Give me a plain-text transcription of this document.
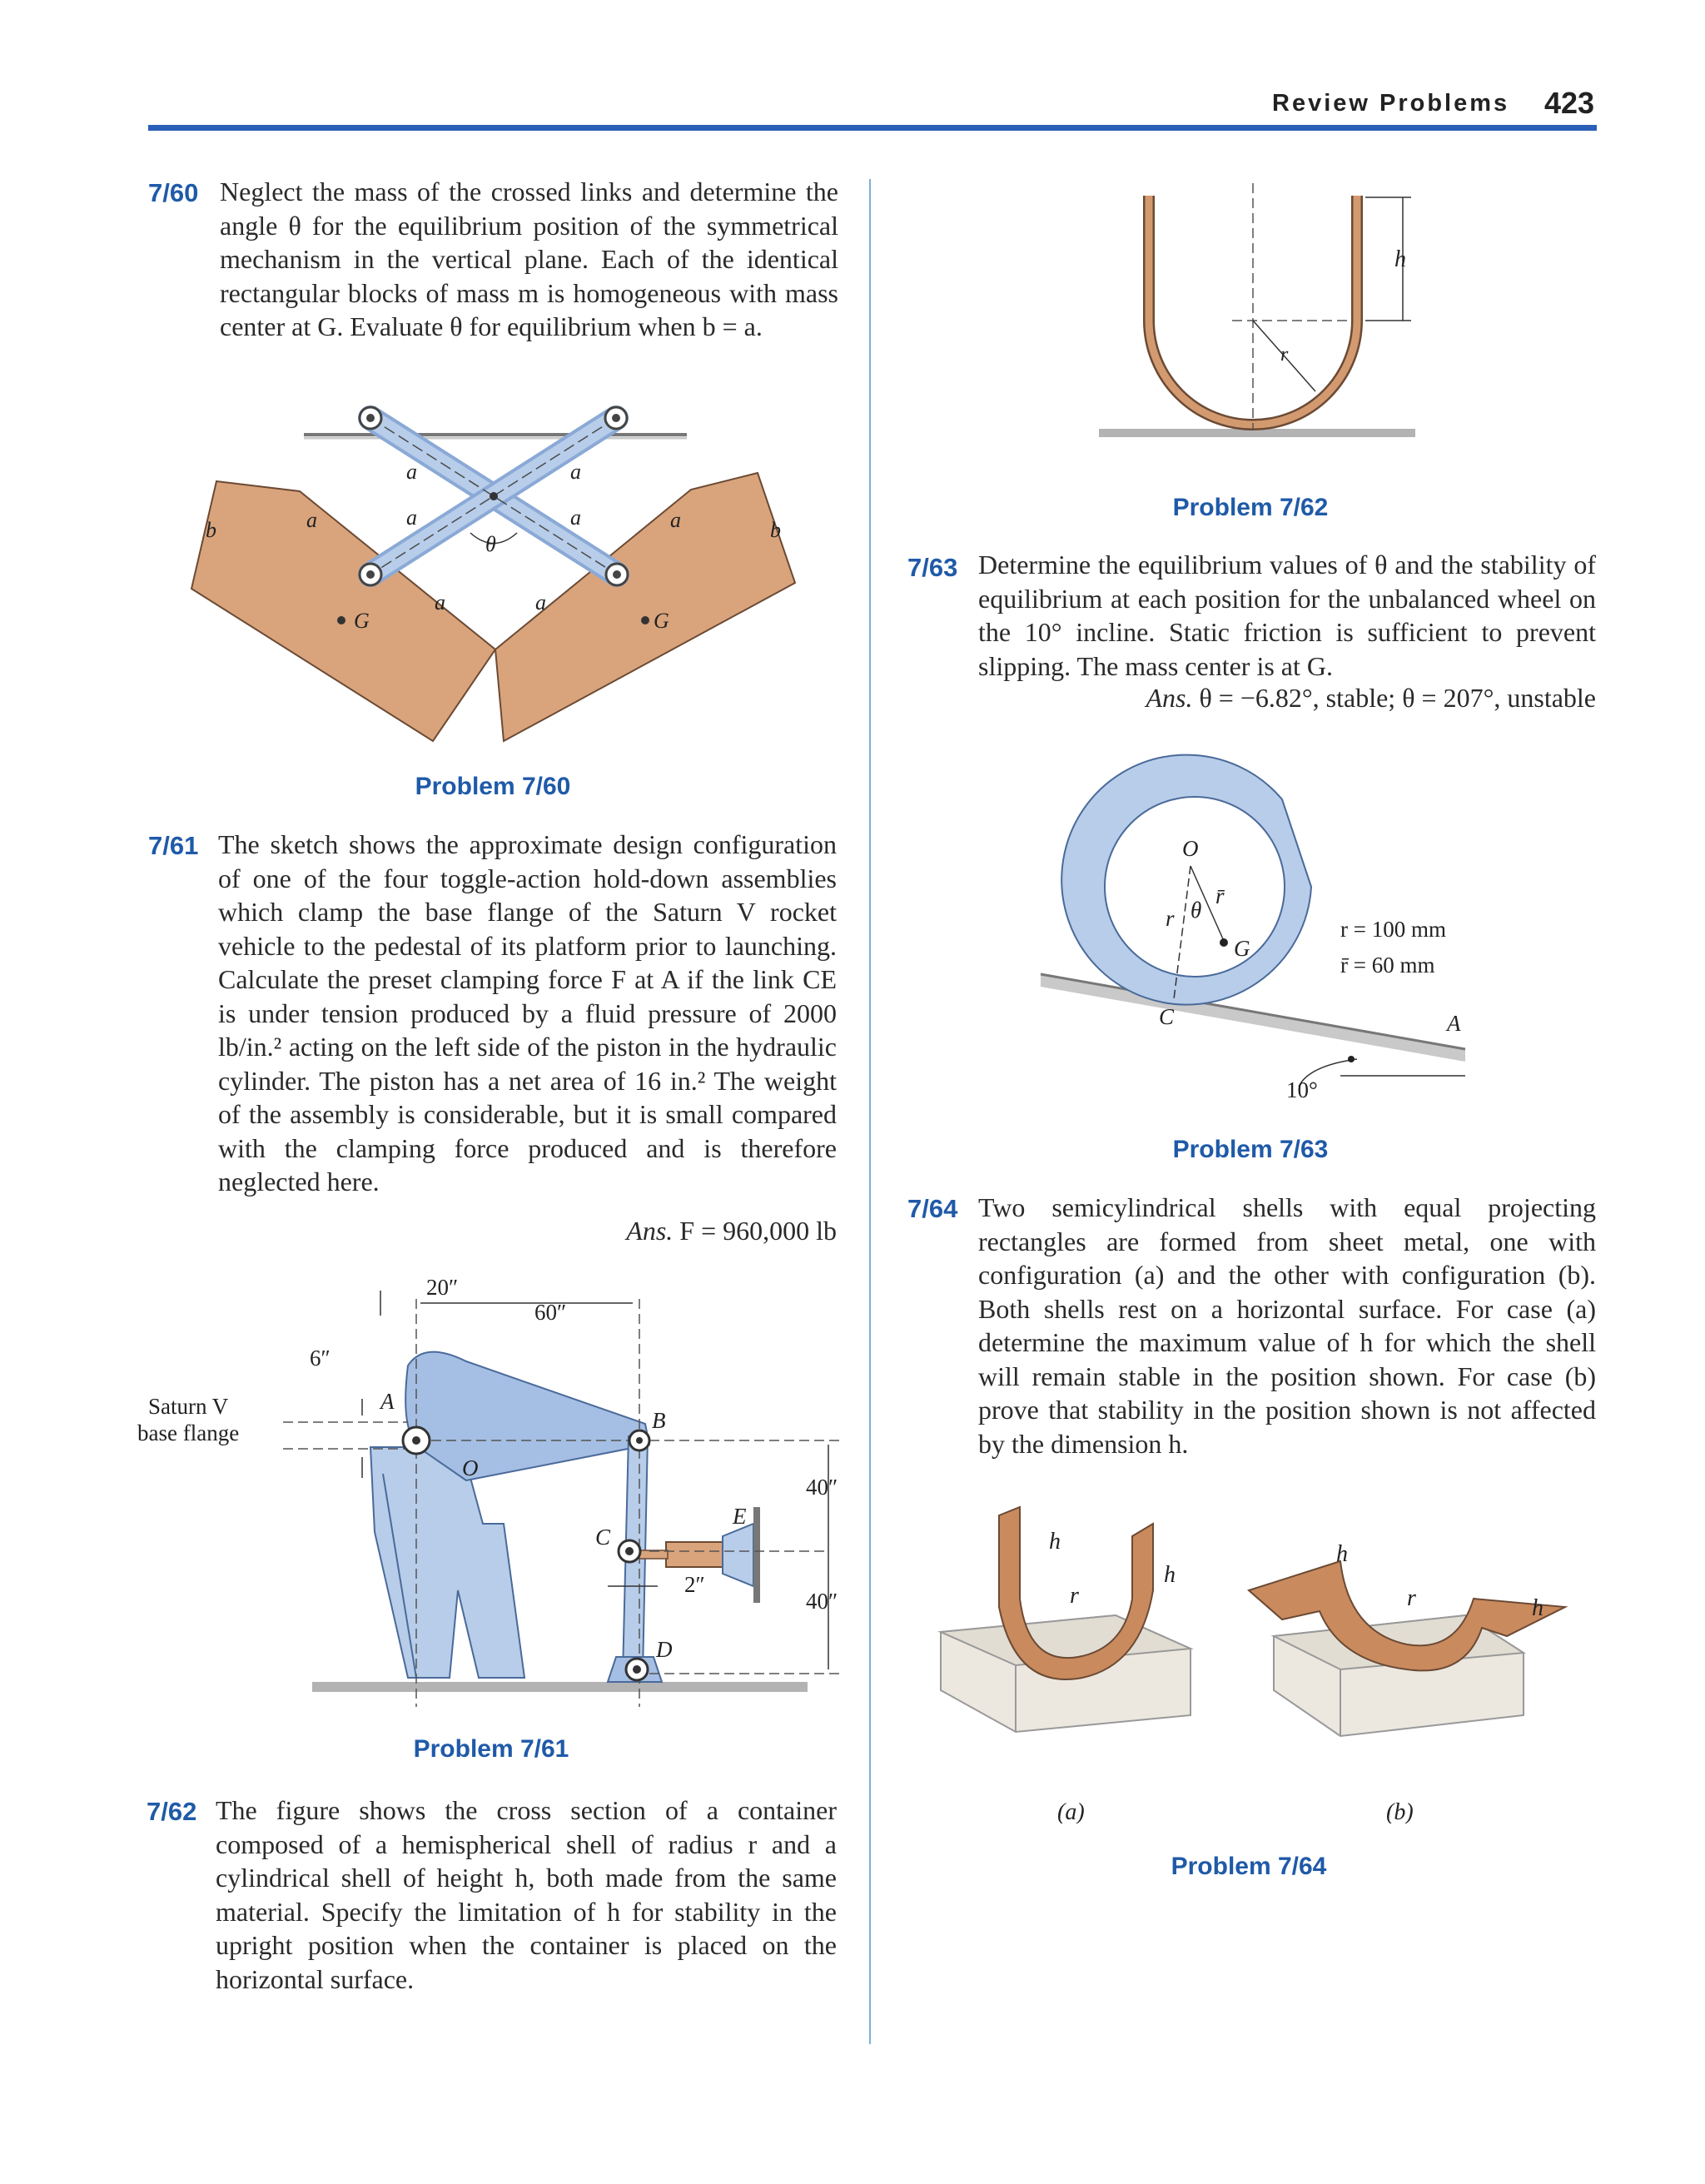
Review Problems 423
7/60 Neglect the mass of the crossed links and determine the angle θ for the equilibrium position of the symmetrical mechanism in the vertical plane. Each of the identical rectangular blocks of mass m is homogeneous with mass center at G. Evaluate θ for equilibrium when b = a.
b	a
a
a
a
a	a
θ
a	a
b
G	G
Problem 7/60
7/61 The sketch shows the approximate design configuration of one of the four toggle-action hold-down assemblies which clamp the base flange of the Saturn V rocket vehicle to the pedestal of its platform prior to launching. Calculate the preset clamping force F at A if the link CE is under tension produced by a fluid pressure of 2000 lb/in.² acting on the left side of the piston in the hydraulic cylinder. The piston has a net area of 16 in.² The weight of the assembly is considerable, but it is small compared with the clamping force produced and is therefore neglected here.
Ans. F = 960,000 lb
20″
60″
6″
Saturn V
base flange
A
B
O
40″
E
C
2″
40″
D
Problem 7/61
7/62 The figure shows the cross section of a container composed of a hemispherical shell of radius r and a cylindrical shell of height h, both made from the same material. Specify the limitation of h for stability in the upright position when the container is placed on the horizontal surface.
h
r
Problem 7/62
7/63 Determine the equilibrium values of θ and the stability of equilibrium at each position for the unbalanced wheel on the 10° incline. Static friction is sufficient to prevent slipping. The mass center is at G.
Ans. θ = −6.82°, stable; θ = 207°, unstable
O
θ
r
r̄
G
C
r = 100 mm
r̄ = 60 mm
A
10°
Problem 7/63
7/64 Two semicylindrical shells with equal projecting rectangles are formed from sheet metal, one with configuration (a) and the other with configuration (b). Both shells rest on a horizontal surface. For case (a) determine the maximum value of h for which the shell will remain stable in the position shown. For case (b) prove that stability in the position shown is not affected by the dimension h.
h
r
h
h
r	h
(a)	(b)
Problem 7/64
